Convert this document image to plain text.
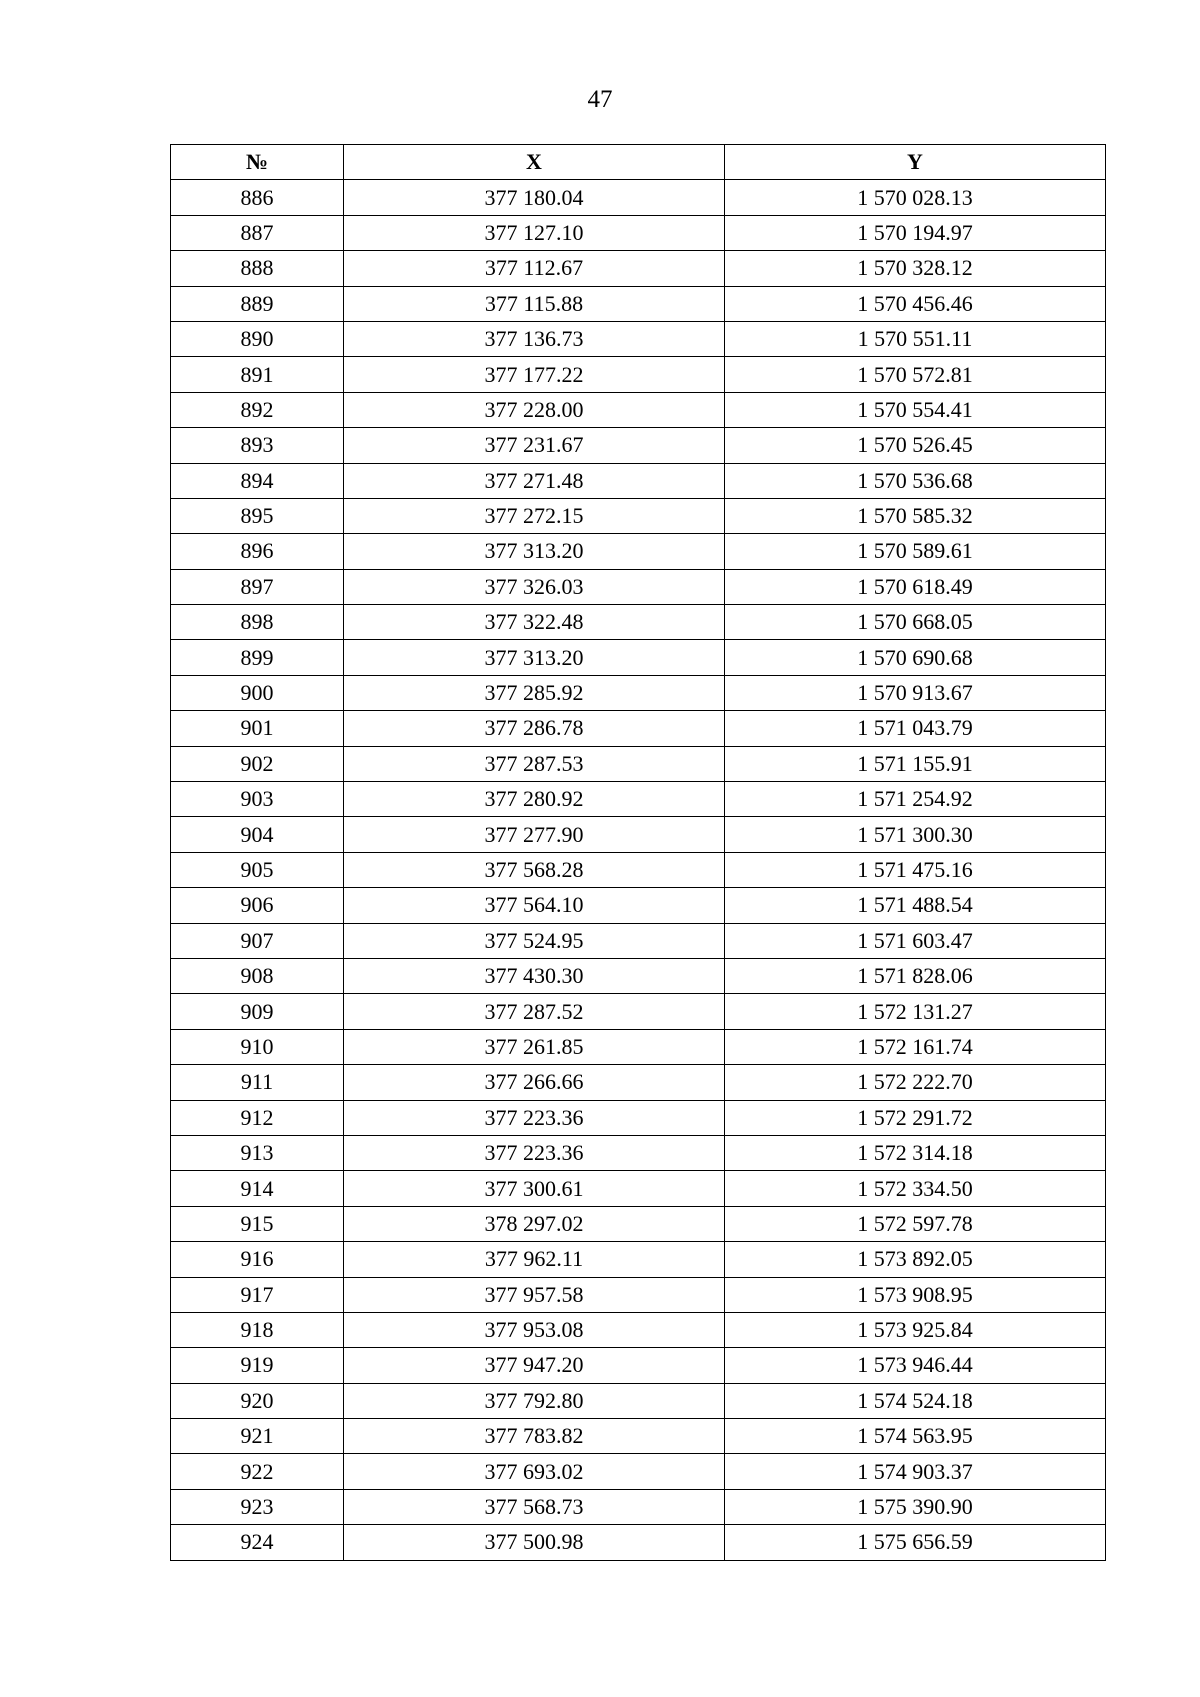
47
№	X	Y
886	377 180.04	1 570 028.13
887	377 127.10	1 570 194.97
888	377 112.67	1 570 328.12
889	377 115.88	1 570 456.46
890	377 136.73	1 570 551.11
891	377 177.22	1 570 572.81
892	377 228.00	1 570 554.41
893	377 231.67	1 570 526.45
894	377 271.48	1 570 536.68
895	377 272.15	1 570 585.32
896	377 313.20	1 570 589.61
897	377 326.03	1 570 618.49
898	377 322.48	1 570 668.05
899	377 313.20	1 570 690.68
900	377 285.92	1 570 913.67
901	377 286.78	1 571 043.79
902	377 287.53	1 571 155.91
903	377 280.92	1 571 254.92
904	377 277.90	1 571 300.30
905	377 568.28	1 571 475.16
906	377 564.10	1 571 488.54
907	377 524.95	1 571 603.47
908	377 430.30	1 571 828.06
909	377 287.52	1 572 131.27
910	377 261.85	1 572 161.74
911	377 266.66	1 572 222.70
912	377 223.36	1 572 291.72
913	377 223.36	1 572 314.18
914	377 300.61	1 572 334.50
915	378 297.02	1 572 597.78
916	377 962.11	1 573 892.05
917	377 957.58	1 573 908.95
918	377 953.08	1 573 925.84
919	377 947.20	1 573 946.44
920	377 792.80	1 574 524.18
921	377 783.82	1 574 563.95
922	377 693.02	1 574 903.37
923	377 568.73	1 575 390.90
924	377 500.98	1 575 656.59
